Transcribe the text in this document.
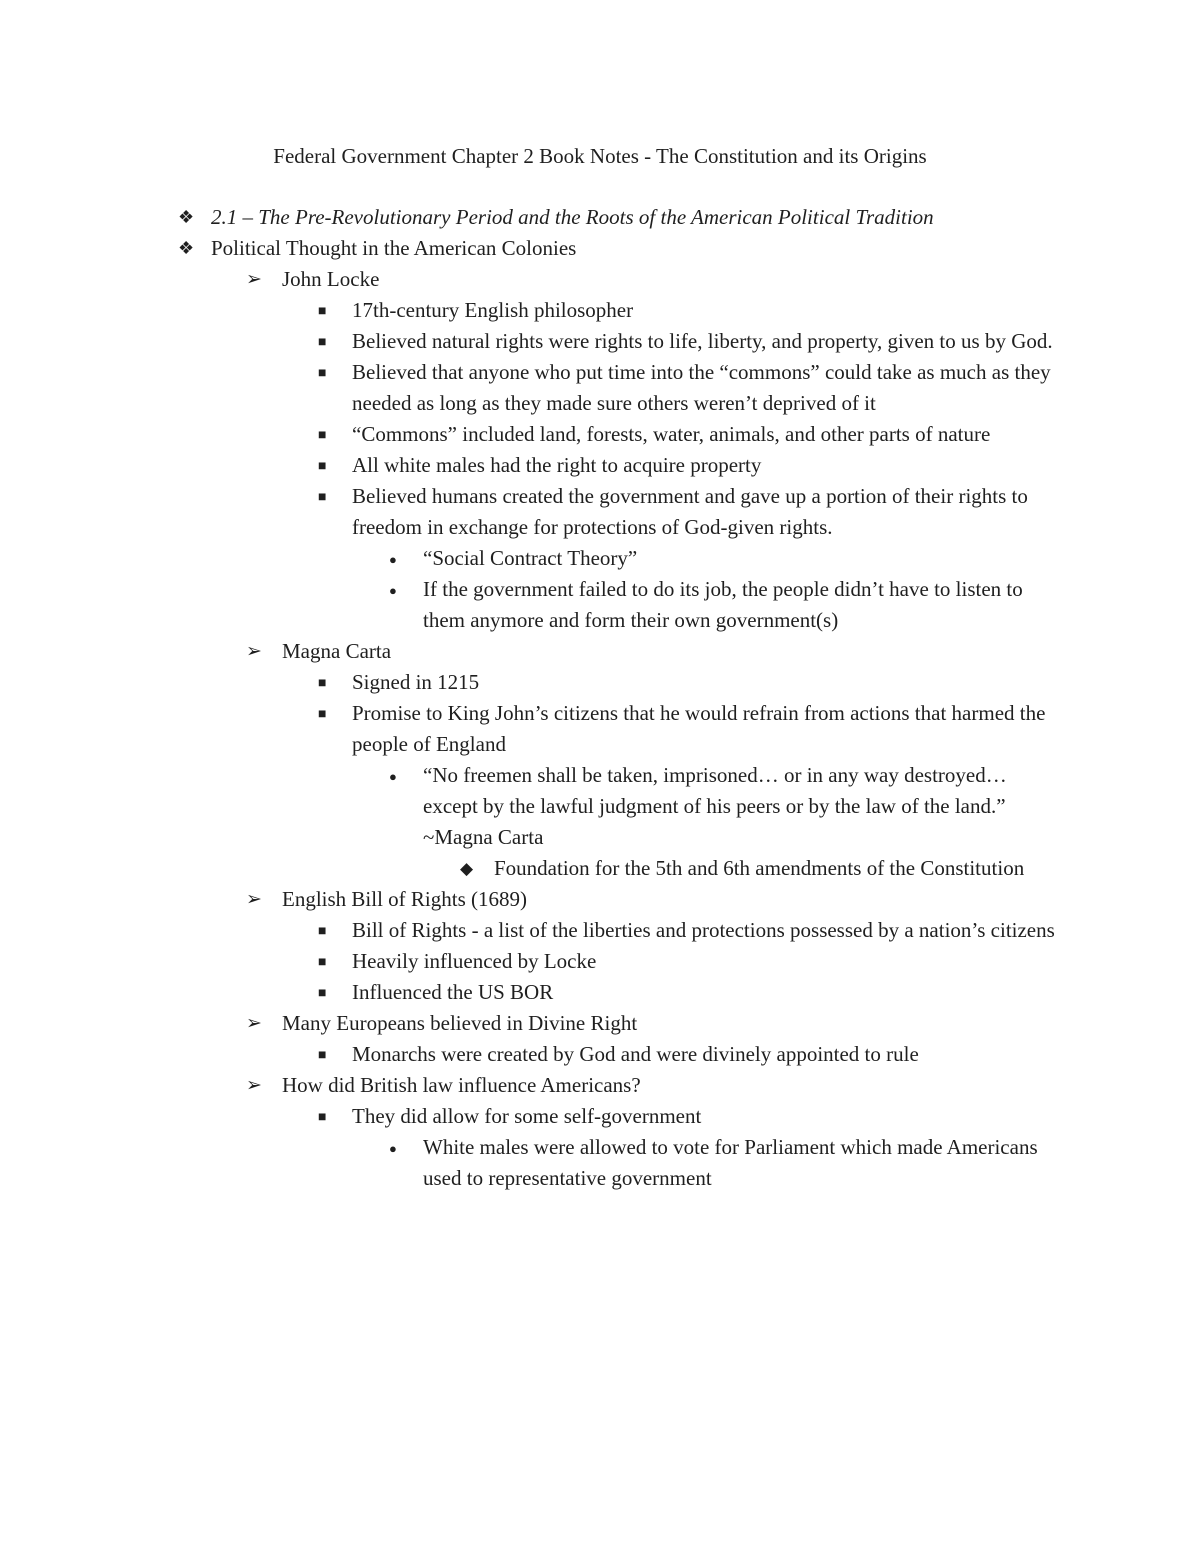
Federal Government Chapter 2 Book Notes - The Constitution and its Origins
❖ 2.1 – The Pre-Revolutionary Period and the Roots of the American Political Tradition
❖ Political Thought in the American Colonies
➢ John Locke
■	17th-century English philosopher
■	Believed natural rights were rights to life, liberty, and property, given to us by God.
■	Believed that anyone who put time into the “commons” could take as much as they needed as long as they made sure others weren’t deprived of it
■	“Commons” included land, forests, water, animals, and other parts of nature
■	All white males had the right to acquire property
■	Believed humans created the government and gave up a portion of their rights to freedom in exchange for protections of God-given rights.
●	“Social Contract Theory”
●	If the government failed to do its job, the people didn’t have to listen to them anymore and form their own government(s)
➢ Magna Carta
■	Signed in 1215
■	Promise to King John’s citizens that he would refrain from actions that harmed the people of England
●	“No freemen shall be taken, imprisoned… or in any way destroyed… except by the lawful judgment of his peers or by the law of the land.” ~Magna Carta
◆ Foundation for the 5th and 6th amendments of the Constitution
➢ English Bill of Rights (1689)
■	Bill of Rights - a list of the liberties and protections possessed by a nation’s citizens
■	Heavily influenced by Locke
■	Influenced the US BOR
➢ Many Europeans believed in Divine Right
■	Monarchs were created by God and were divinely appointed to rule
➢ How did British law influence Americans?
■	They did allow for some self-government
●	White males were allowed to vote for Parliament which made Americans used to representative government
